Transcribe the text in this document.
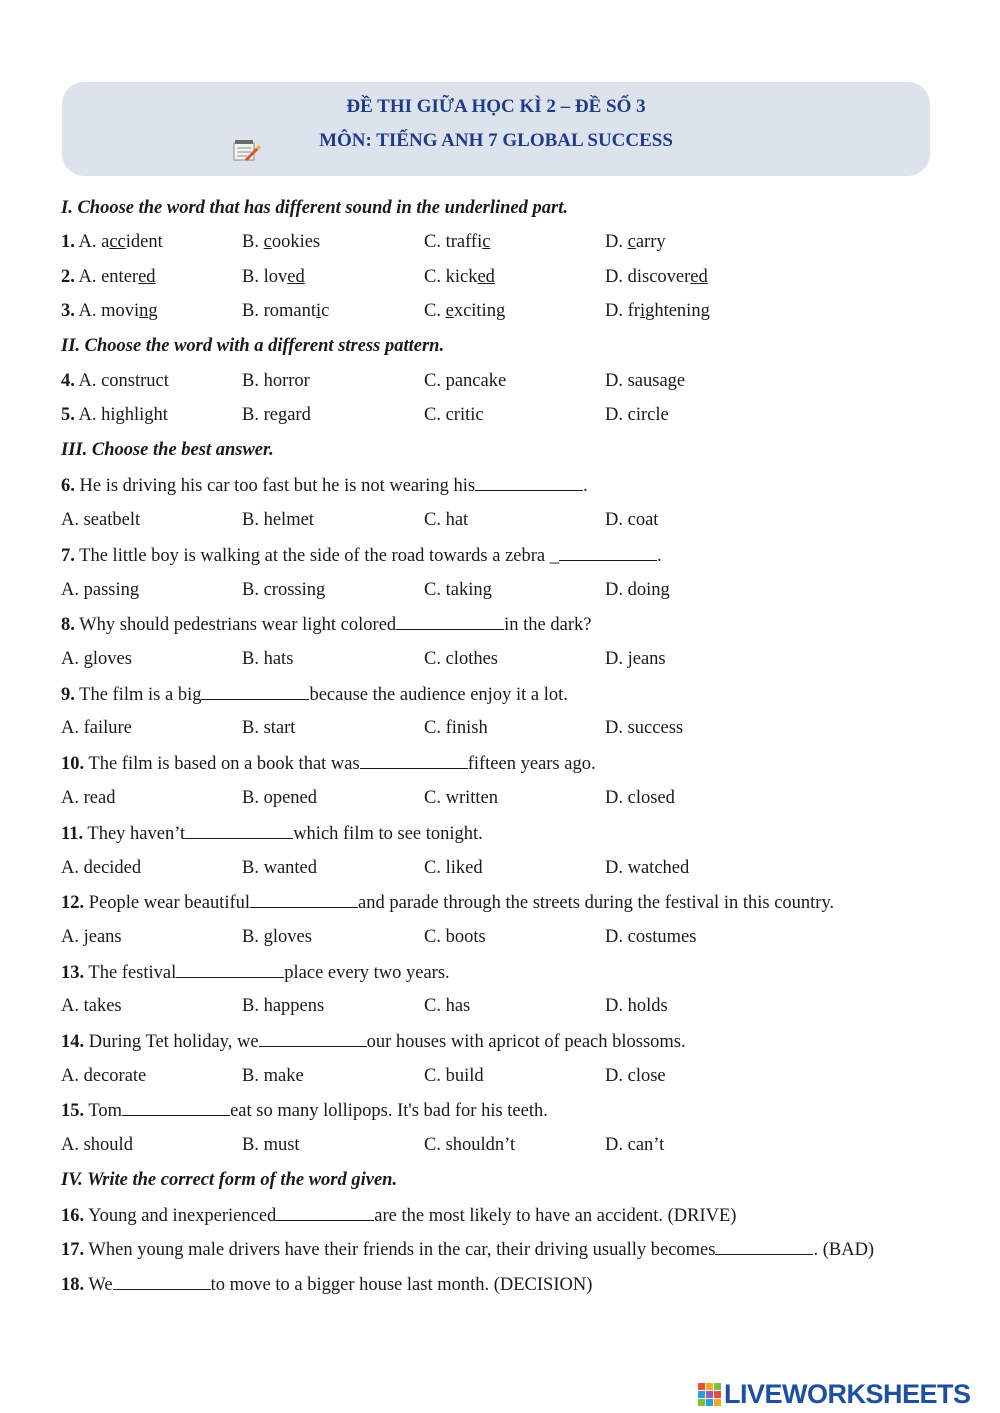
ĐỀ THI GIỮA HỌC KÌ 2 – ĐỀ SỐ 3
MÔN: TIẾNG ANH 7 GLOBAL SUCCESS
I. Choose the word that has different sound in the underlined part.
1. A. accident	B. cookies	C. traffic	D. carry
2. A. entered	B. loved	C. kicked	D. discovered
3. A. moving	B. romantic	C. exciting	D. frightening
II. Choose the word with a different stress pattern.
4. A. construct	B. horror	C. pancake	D. sausage
5. A. highlight	B. regard	C. critic	D. circle
III. Choose the best answer.
6. He is driving his car too fast but he is not wearing his	.
A. seatbelt	B. helmet	C. hat	D. coat
7. The little boy is walking at the side of the road towards a zebra _	.
A. passing	B. crossing	C. taking	D. doing
8. Why should pedestrians wear light colored	in the dark?
A. gloves	B. hats	C. clothes	D. jeans
9. The film is a big	because the audience enjoy it a lot.
A. failure	B. start	C. finish	D. success
10. The film is based on a book that was	fifteen years ago.
A. read	B. opened	C. written	D. closed
11. They haven’t	which film to see tonight.
A. decided	B. wanted	C. liked	D. watched
12. People wear beautiful	and parade through the streets during the festival in this country.
A. jeans	B. gloves	C. boots	D. costumes
13. The festival	place every two years.
A. takes	B. happens	C. has	D. holds
14. During Tet holiday, we	our houses with apricot of peach blossoms.
A. decorate	B. make	C. build	D. close
15. Tom	eat so many lollipops. It's bad for his teeth.
A. should	B. must	C. shouldn’t	D. can’t
IV. Write the correct form of the word given.
16. Young and inexperienced	are the most likely to have an accident. (DRIVE)
17. When young male drivers have their friends in the car, their driving usually becomes	. (BAD)
18. We	to move to a bigger house last month. (DECISION)
LIVEWORKSHEETS
